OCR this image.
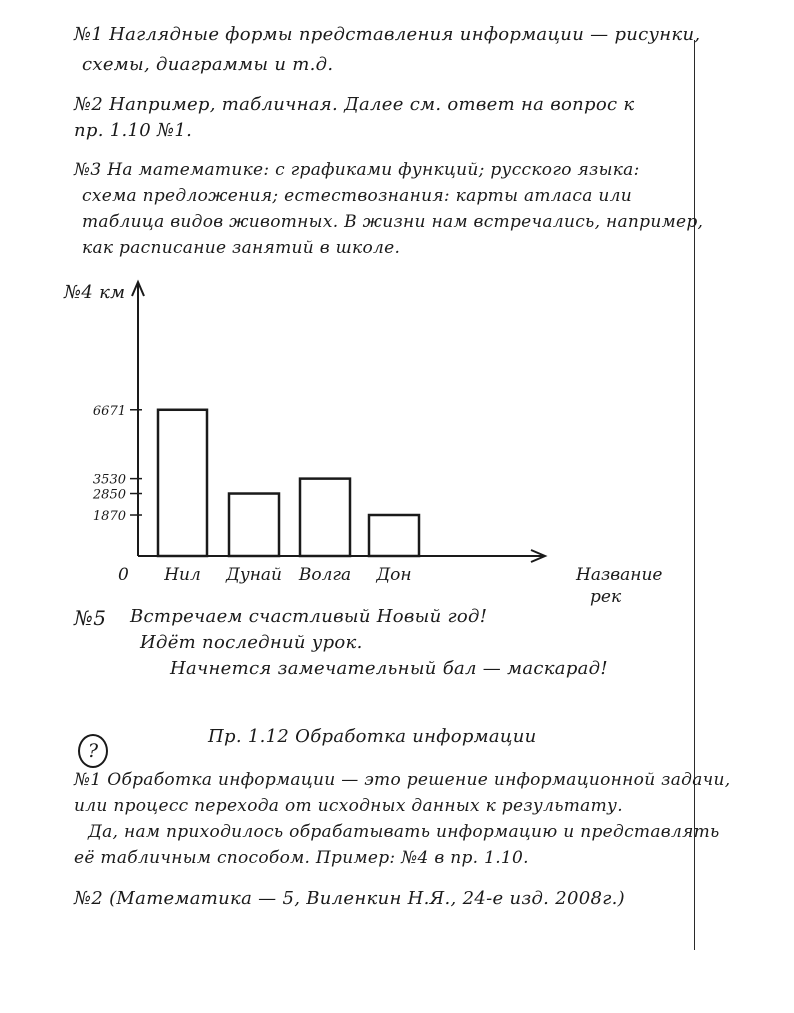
№1 Наглядные формы представления информации — рисунки,
схемы, диаграммы и т.д.
№2 Например, табличная. Далее см. ответ на вопрос к
пр. 1.10 №1.
№3 На математике: с графиками функций; русского языка:
схема предложения; естествознания: карты атласа или
таблица видов животных. В жизни нам встречались, например,
как расписание занятий в школе.
№4 км
6671
3530
2850
1870
Нил Дунай Волга Дон
0	Название
рек
№5 Встречаем счастливый Новый год!
Идёт последний урок.
Начнется замечательный бал — маскарад!
?
Пр. 1.12 Обработка информации
№1 Обработка информации — это решение информационной задачи,
или процесс перехода от исходных данных к результату.
Да, нам приходилось обрабатывать информацию и представлять
её табличным способом. Пример: №4 в пр. 1.10.
№2 (Математика — 5, Виленкин Н.Я., 24-е изд. 2008г.)
